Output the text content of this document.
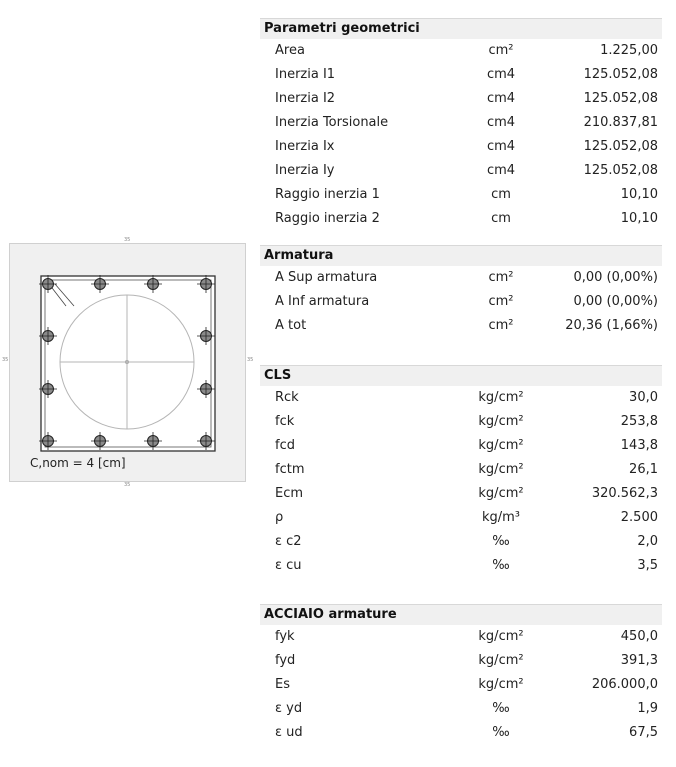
35
35	35
35
C,nom = 4 [cm]
Parametri geometrici
Area	cm²	1.225,00
Inerzia I1	cm4	125.052,08
Inerzia I2	cm4	125.052,08
Inerzia Torsionale	cm4	210.837,81
Inerzia Ix	cm4	125.052,08
Inerzia Iy	cm4	125.052,08
Raggio inerzia 1	cm	10,10
Raggio inerzia 2	cm	10,10
Armatura
A Sup armatura	cm²	0,00 (0,00%)
A Inf armatura	cm²	0,00 (0,00%)
A tot	cm²	20,36 (1,66%)
CLS
Rck	kg/cm²	30,0
fck	kg/cm²	253,8
fcd	kg/cm²	143,8
fctm	kg/cm²	26,1
Ecm	kg/cm²	320.562,3
ρ	kg/m³	2.500
ε c2	‰	2,0
ε cu	‰	3,5
ACCIAIO armature
fyk	kg/cm²	450,0
fyd	kg/cm²	391,3
Es	kg/cm²	206.000,0
ε yd	‰	1,9
ε ud	‰	67,5
